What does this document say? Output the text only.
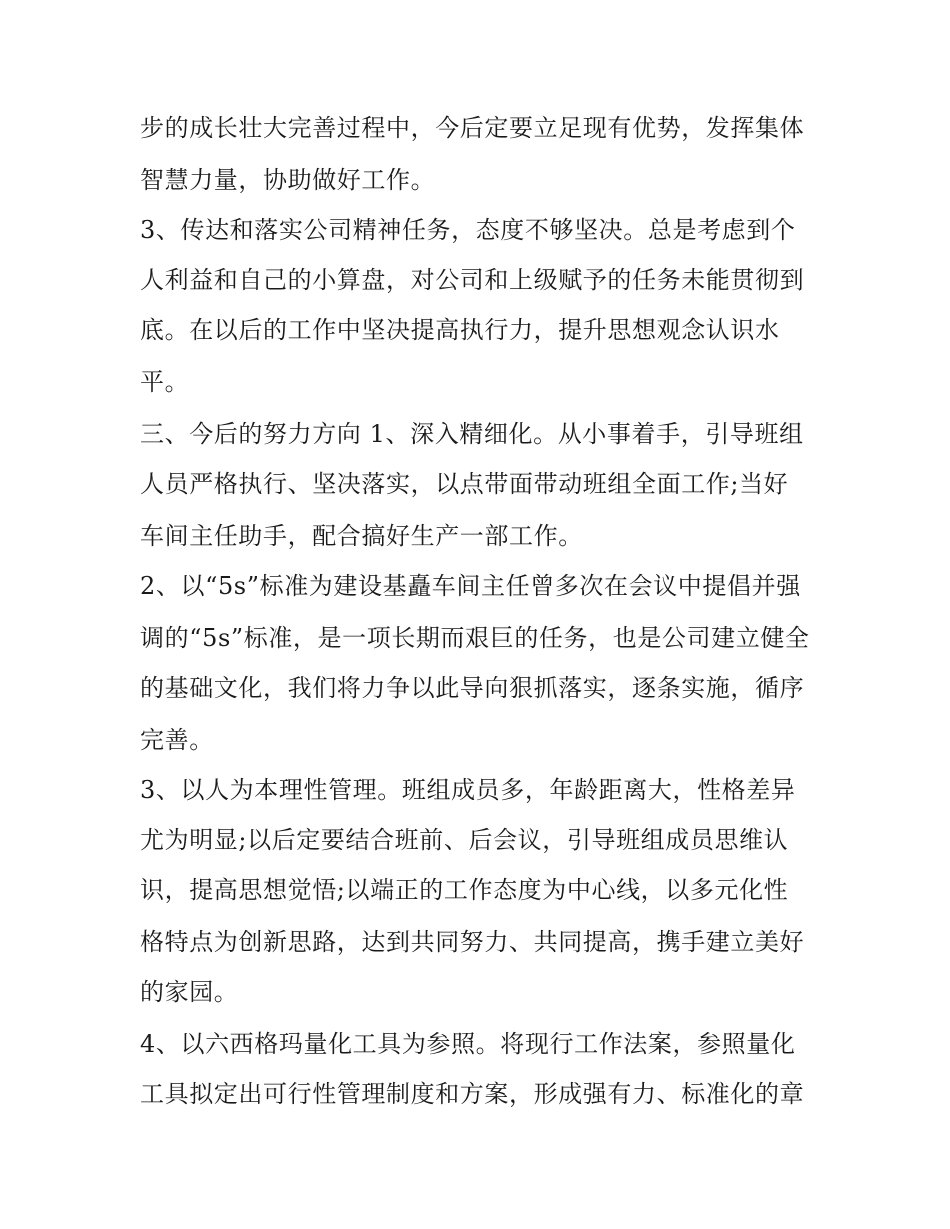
步的成长壮大完善过程中，今后定要立足现有优势，发挥集体
智慧力量，协助做好工作。
3、传达和落实公司精神任务，态度不够坚决。总是考虑到个
人利益和自己的小算盘，对公司和上级赋予的任务未能贯彻到
底。在以后的工作中坚决提高执行力，提升思想观念认识水
平。
三、今后的努力方向 1、深入精细化。从小事着手，引导班组
人员严格执行、坚决落实，以点带面带动班组全面工作;当好
车间主任助手，配合搞好生产一部工作。
2、以“5s”标准为建设基矗车间主任曾多次在会议中提倡并强
调的“5s”标准，是一项长期而艰巨的任务，也是公司建立健全
的基础文化，我们将力争以此导向狠抓落实，逐条实施，循序
完善。
3、以人为本理性管理。班组成员多，年龄距离大，性格差异
尤为明显;以后定要结合班前、后会议，引导班组成员思维认
识，提高思想觉悟;以端正的工作态度为中心线，以多元化性
格特点为创新思路，达到共同努力、共同提高，携手建立美好
的家园。
4、以六西格玛量化工具为参照。将现行工作法案，参照量化
工具拟定出可行性管理制度和方案，形成强有力、标准化的章
